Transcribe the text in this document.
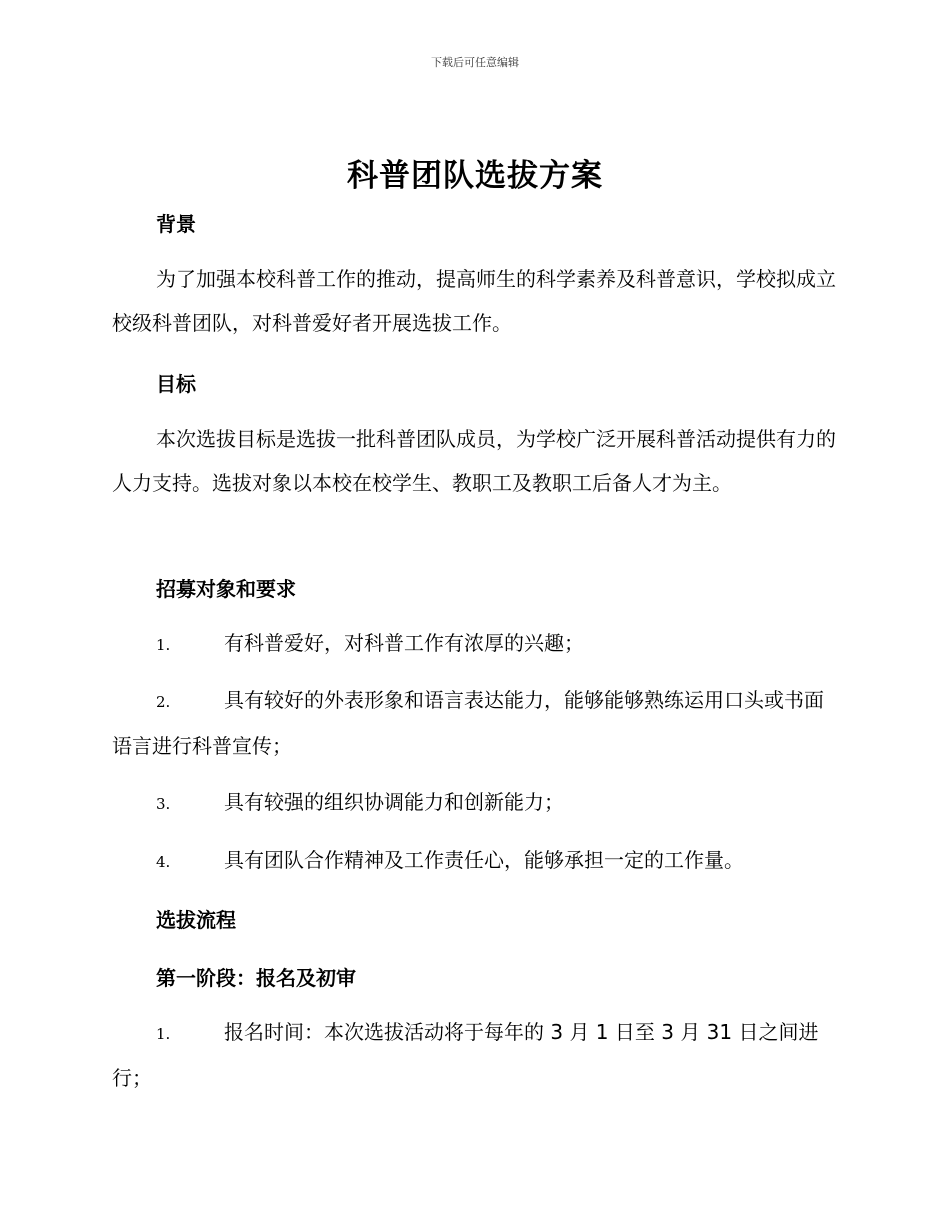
下载后可任意编辑
科普团队选拔方案
背景

为了加强本校科普工作的推动，提高师生的科学素养及科普意识，学校拟成立校级科普团队，对科普爱好者开展选拔工作。

目标

本次选拔目标是选拔一批科普团队成员，为学校广泛开展科普活动提供有力的人力支持。选拔对象以本校在校学生、教职工及教职工后备人才为主。

招募对象和要求

1.	有科普爱好，对科普工作有浓厚的兴趣；

2.	具有较好的外表形象和语言表达能力，能够能够熟练运用口头或书面语言进行科普宣传；

3.	具有较强的组织协调能力和创新能力；

4.	具有团队合作精神及工作责任心，能够承担一定的工作量。

选拔流程
第一阶段：报名及初审

1.	报名时间：本次选拔活动将于每年的 3 月 1 日至 3 月 31 日之间进行；
